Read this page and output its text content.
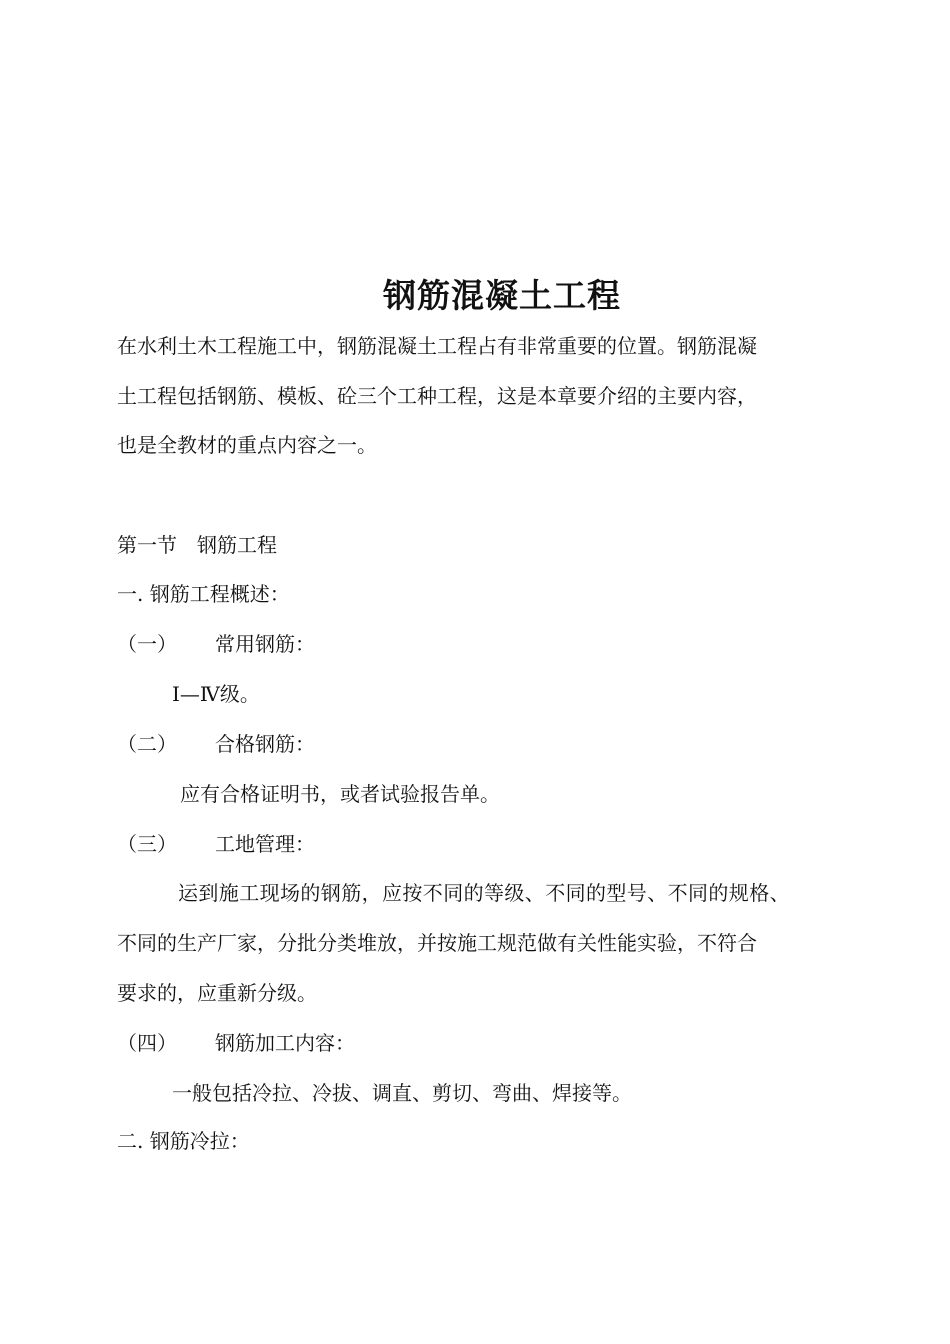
钢筋混凝土工程
在水利土木工程施工中，钢筋混凝土工程占有非常重要的位置。钢筋混凝
土工程包括钢筋、模板、砼三个工种工程，这是本章要介绍的主要内容，
也是全教材的重点内容之一。
第一节　钢筋工程
一. 钢筋工程概述：
（一） 常用钢筋：
I—Ⅳ级。
（二） 合格钢筋：
应有合格证明书，或者试验报告单。
（三） 工地管理：
运到施工现场的钢筋，应按不同的等级、不同的型号、不同的规格、
不同的生产厂家，分批分类堆放，并按施工规范做有关性能实验，不符合
要求的，应重新分级。
（四） 钢筋加工内容：
一般包括冷拉、冷拔、调直、剪切、弯曲、焊接等。
二. 钢筋冷拉：
